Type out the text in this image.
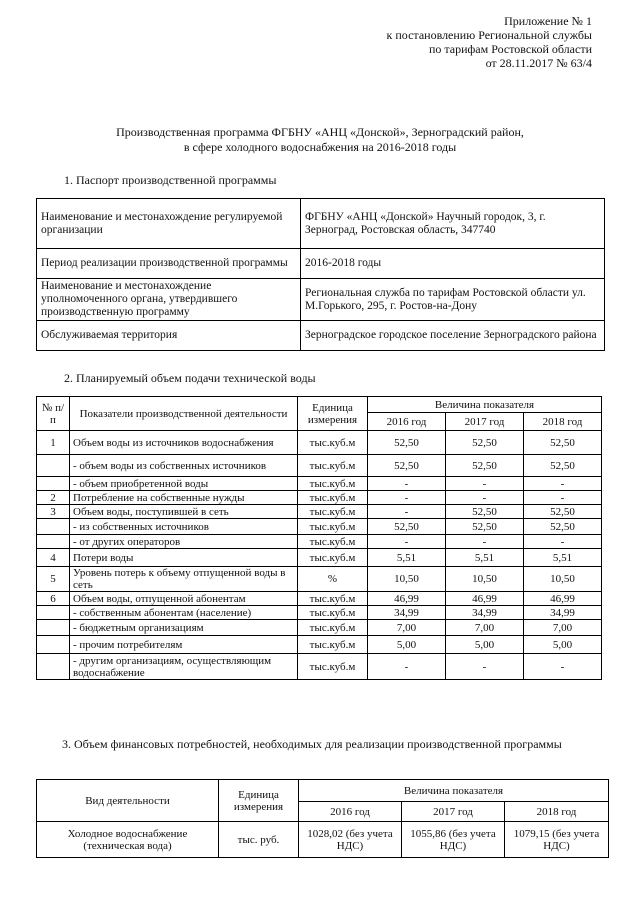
Приложение № 1
к постановлению Региональной службы
по тарифам Ростовской области
от 28.11.2017 № 63/4
Производственная программа ФГБНУ «АНЦ «Донской», Зерноградский район,
в сфере холодного водоснабжения на 2016-2018 годы
1. Паспорт производственной программы
Наименование и местонахождение регулируемой организации	ФГБНУ «АНЦ «Донской» Научный городок, 3, г. Зерноград, Ростовская область, 347740
Период реализации производственной программы	2016-2018 годы
Наименование и местонахождение уполномоченного органа, утвердившего производственную программу	Региональная служба по тарифам Ростовской области ул. М.Горького, 295, г. Ростов-на-Дону
Обслуживаемая территория	Зерноградское городское поселение Зерноградского района
2. Планируемый объем подачи технической воды
№ п/п	Показатели производственной деятельности	Единица измерения	Величина показателя		
			2016 год	2017 год	2018 год
1	Объем воды из источников водоснабжения	тыс.куб.м	52,50	52,50	52,50
	- объем воды из собственных источников	тыс.куб.м	52,50	52,50	52,50
	- объем приобретенной воды	тыс.куб.м	-	-	-
2	Потребление на собственные нужды	тыс.куб.м	-	-	-
3	Объем воды, поступившей в сеть	тыс.куб.м	-	52,50	52,50
	- из собственных источников	тыс.куб.м	52,50	52,50	52,50
	- от других операторов	тыс.куб.м	-	-	-
4	Потери воды	тыс.куб.м	5,51	5,51	5,51
5	Уровень потерь к объему отпущенной воды в сеть	%	10,50	10,50	10,50
6	Объем воды, отпущенной абонентам	тыс.куб.м	46,99	46,99	46,99
	- собственным абонентам (население)	тыс.куб.м	34,99	34,99	34,99
	- бюджетным организациям	тыс.куб.м	7,00	7,00	7,00
	- прочим потребителям	тыс.куб.м	5,00	5,00	5,00
	- другим организациям, осуществляющим водоснабжение	тыс.куб.м	-	-	-
3. Объем финансовых потребностей, необходимых для реализации производственной программы
Вид деятельности	Единица измерения	Величина показателя		
		2016 год	2017 год	2018 год
Холодное водоснабжение (техническая вода)	тыс. руб.	1028,02 (без учета НДС)	1055,86 (без учета НДС)	1079,15 (без учета НДС)
